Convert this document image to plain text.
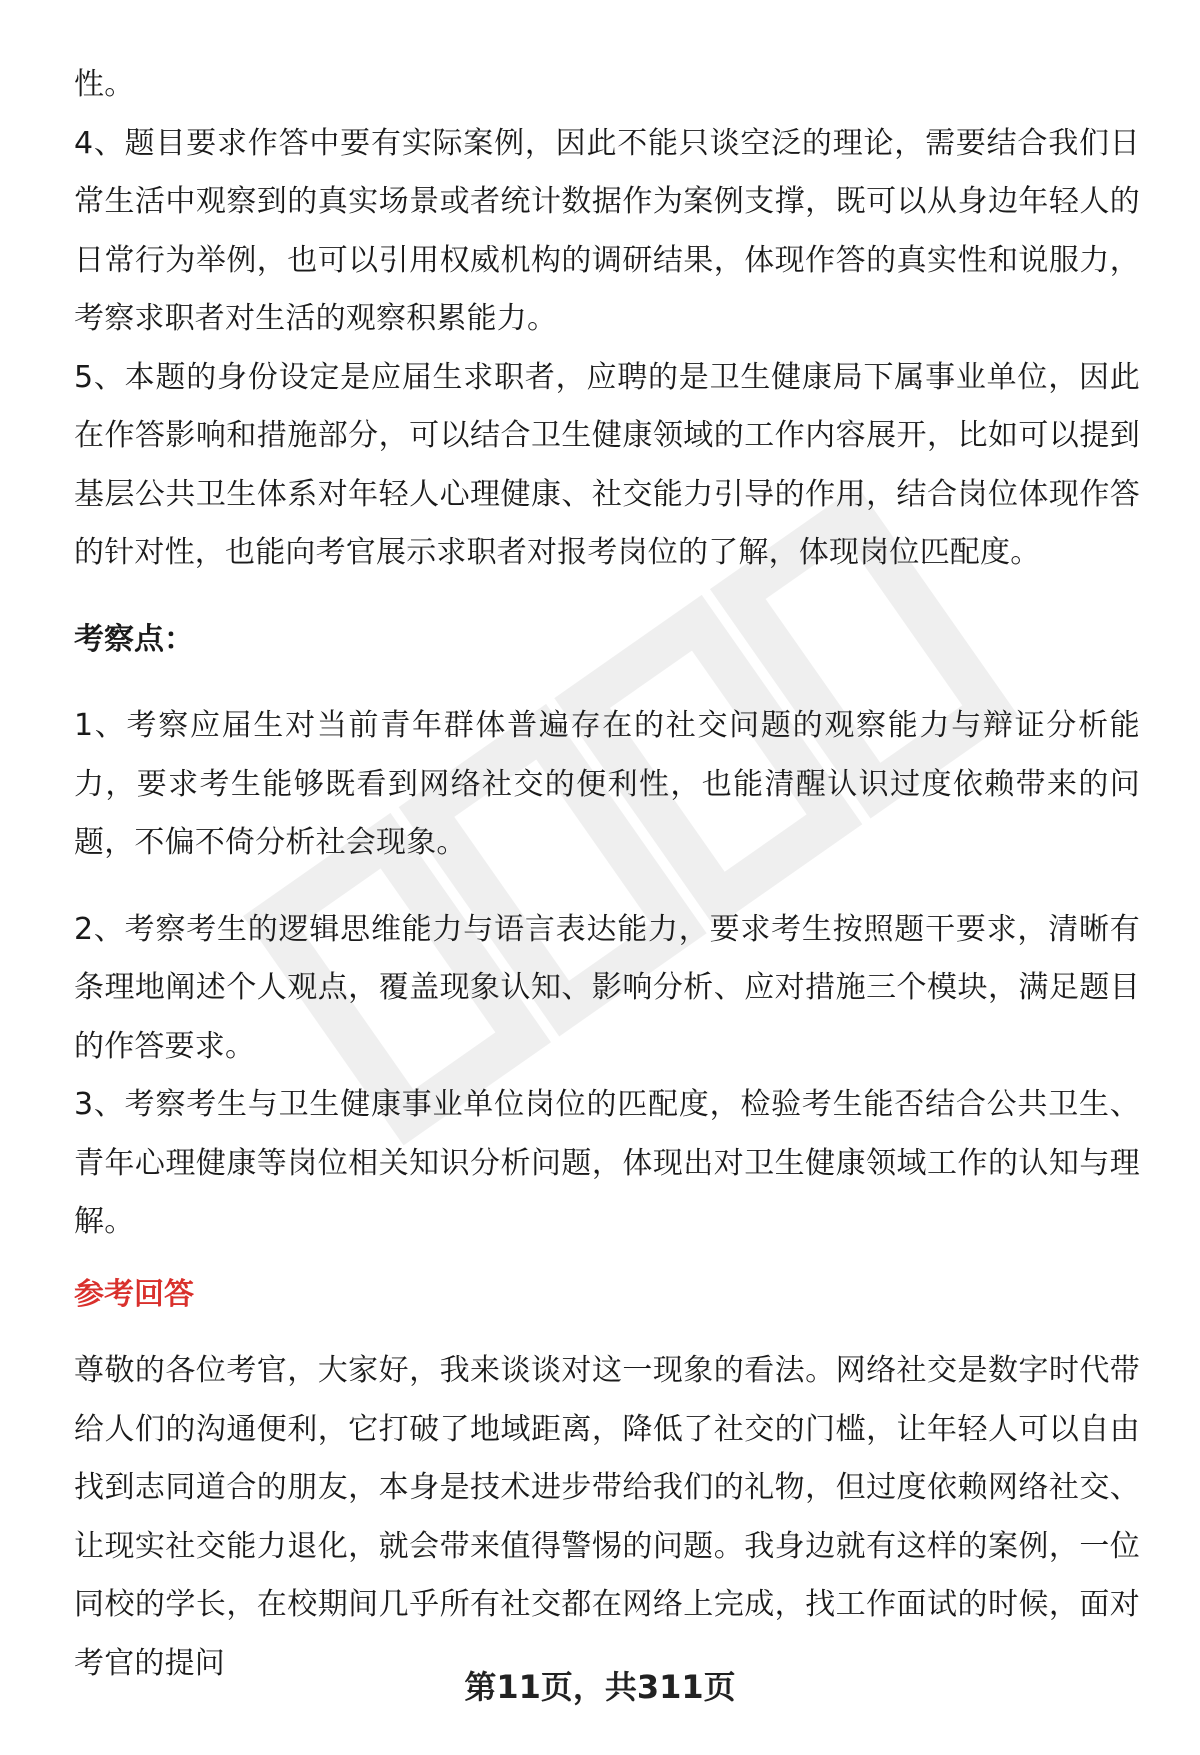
性。

4、题目要求作答中要有实际案例，因此不能只谈空泛的理论，需要结合我们日常生活中观察到的真实场景或者统计数据作为案例支撑，既可以从身边年轻人的日常行为举例，也可以引用权威机构的调研结果，体现作答的真实性和说服力，考察求职者对生活的观察积累能力。

5、本题的身份设定是应届生求职者，应聘的是卫生健康局下属事业单位，因此在作答影响和措施部分，可以结合卫生健康领域的工作内容展开，比如可以提到基层公共卫生体系对年轻人心理健康、社交能力引导的作用，结合岗位体现作答的针对性，也能向考官展示求职者对报考岗位的了解，体现岗位匹配度。

考察点：

1、考察应届生对当前青年群体普遍存在的社交问题的观察能力与辩证分析能力，要求考生能够既看到网络社交的便利性，也能清醒认识过度依赖带来的问题，不偏不倚分析社会现象。

2、考察考生的逻辑思维能力与语言表达能力，要求考生按照题干要求，清晰有条理地阐述个人观点，覆盖现象认知、影响分析、应对措施三个模块，满足题目的作答要求。

3、考察考生与卫生健康事业单位岗位的匹配度，检验考生能否结合公共卫生、青年心理健康等岗位相关知识分析问题，体现出对卫生健康领域工作的认知与理解。

参考回答

尊敬的各位考官，大家好，我来谈谈对这一现象的看法。网络社交是数字时代带给人们的沟通便利，它打破了地域距离，降低了社交的门槛，让年轻人可以自由找到志同道合的朋友，本身是技术进步带给我们的礼物，但过度依赖网络社交、让现实社交能力退化，就会带来值得警惕的问题。我身边就有这样的案例，一位同校的学长，在校期间几乎所有社交都在网络上完成，找工作面试的时候，面对考官的提问

第11页，共311页
